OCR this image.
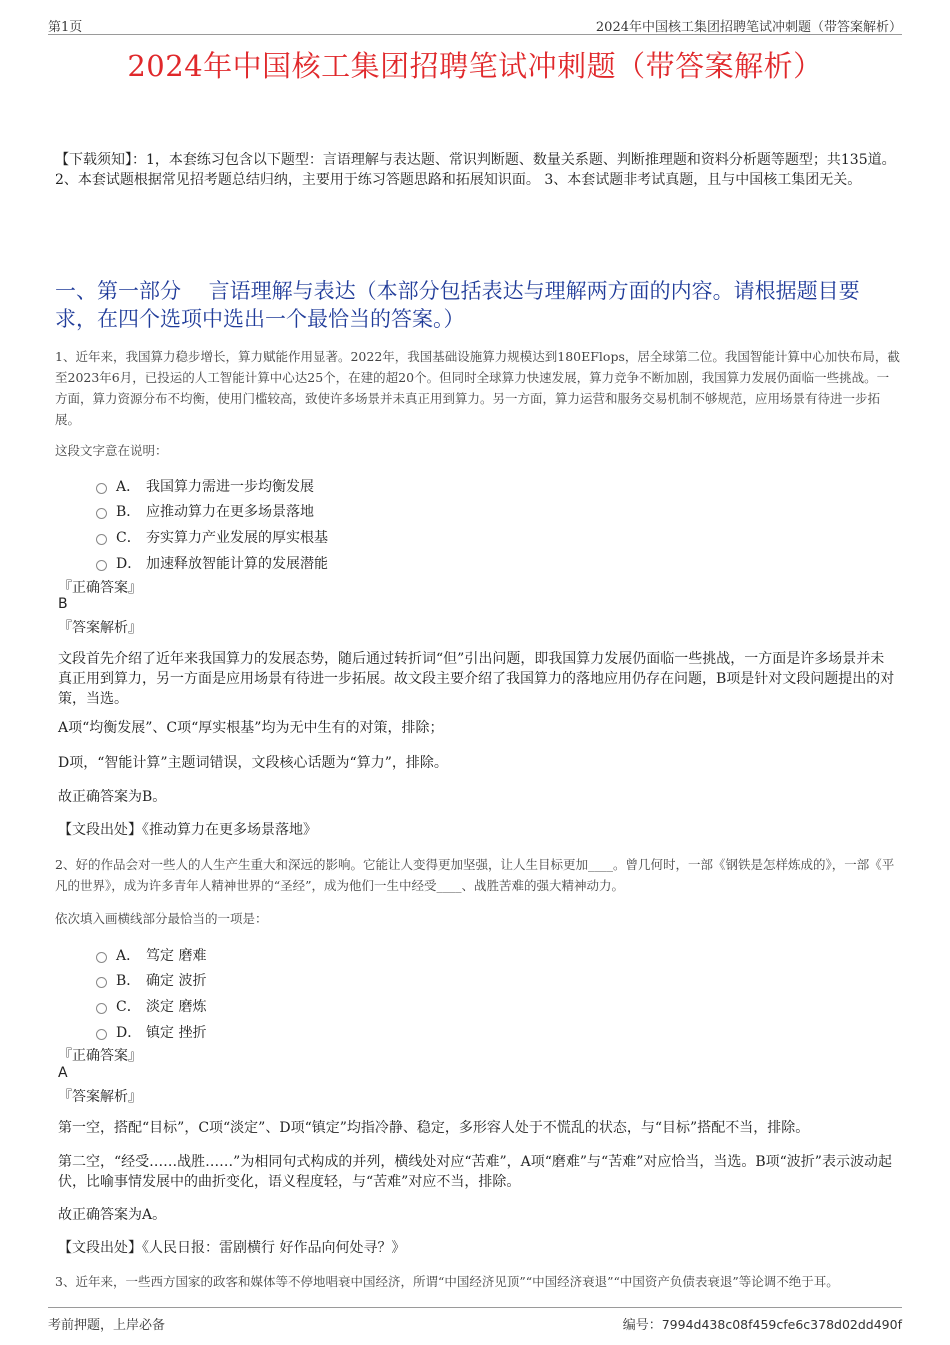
第1页	2024年中国核工集团招聘笔试冲刺题（带答案解析）
2024年中国核工集团招聘笔试冲刺题（带答案解析）
【下载须知】：1，本套练习包含以下题型：言语理解与表达题、常识判断题、数量关系题、判断推理题和资料分析题等题型；共135道。 2、本套试题根据常见招考题总结归纳，主要用于练习答题思路和拓展知识面。 3、本套试题非考试真题，且与中国核工集团无关。
一、第一部分　 言语理解与表达（本部分包括表达与理解两方面的内容。请根据题目要求，在四个选项中选出一个最恰当的答案。）
1、近年来，我国算力稳步增长，算力赋能作用显著。2022年，我国基础设施算力规模达到180EFlops，居全球第二位。我国智能计算中心加快布局，截至2023年6月，已投运的人工智能计算中心达25个，在建的超20个。但同时全球算力快速发展，算力竞争不断加剧，我国算力发展仍面临一些挑战。一方面，算力资源分布不均衡，使用门槛较高，致使许多场景并未真正用到算力。另一方面，算力运营和服务交易机制不够规范，应用场景有待进一步拓展。
这段文字意在说明：
A． 我国算力需进一步均衡发展
B． 应推动算力在更多场景落地
C． 夯实算力产业发展的厚实根基
D． 加速释放智能计算的发展潜能
『正确答案』
B
『答案解析』
文段首先介绍了近年来我国算力的发展态势，随后通过转折词“但”引出问题，即我国算力发展仍面临一些挑战，一方面是许多场景并未真正用到算力，另一方面是应用场景有待进一步拓展。故文段主要介绍了我国算力的落地应用仍存在问题，B项是针对文段问题提出的对策，当选。
A项“均衡发展”、C项“厚实根基”均为无中生有的对策，排除；
D项，“智能计算”主题词错误，文段核心话题为“算力”，排除。
故正确答案为B。
【文段出处】《推动算力在更多场景落地》
2、好的作品会对一些人的人生产生重大和深远的影响。它能让人变得更加坚强，让人生目标更加____。曾几何时，一部《钢铁是怎样炼成的》，一部《平凡的世界》，成为许多青年人精神世界的“圣经”，成为他们一生中经受____、战胜苦难的强大精神动力。
依次填入画横线部分最恰当的一项是：
A． 笃定 磨难
B． 确定 波折
C． 淡定 磨炼
D． 镇定 挫折
『正确答案』
A
『答案解析』
第一空，搭配“目标”，C项“淡定”、D项“镇定”均指冷静、稳定，多形容人处于不慌乱的状态，与“目标”搭配不当，排除。
第二空，“经受……战胜……”为相同句式构成的并列，横线处对应“苦难”，A项“磨难”与“苦难”对应恰当，当选。B项“波折”表示波动起伏，比喻事情发展中的曲折变化，语义程度轻，与“苦难”对应不当，排除。
故正确答案为A。
【文段出处】《人民日报：雷剧横行 好作品向何处寻？》
3、近年来，一些西方国家的政客和媒体等不停地唱衰中国经济，所谓“中国经济见顶”“中国经济衰退”“中国资产负债表衰退”等论调不绝于耳。
考前押题，上岸必备	编号：7994d438c08f459cfe6c378d02dd490f
